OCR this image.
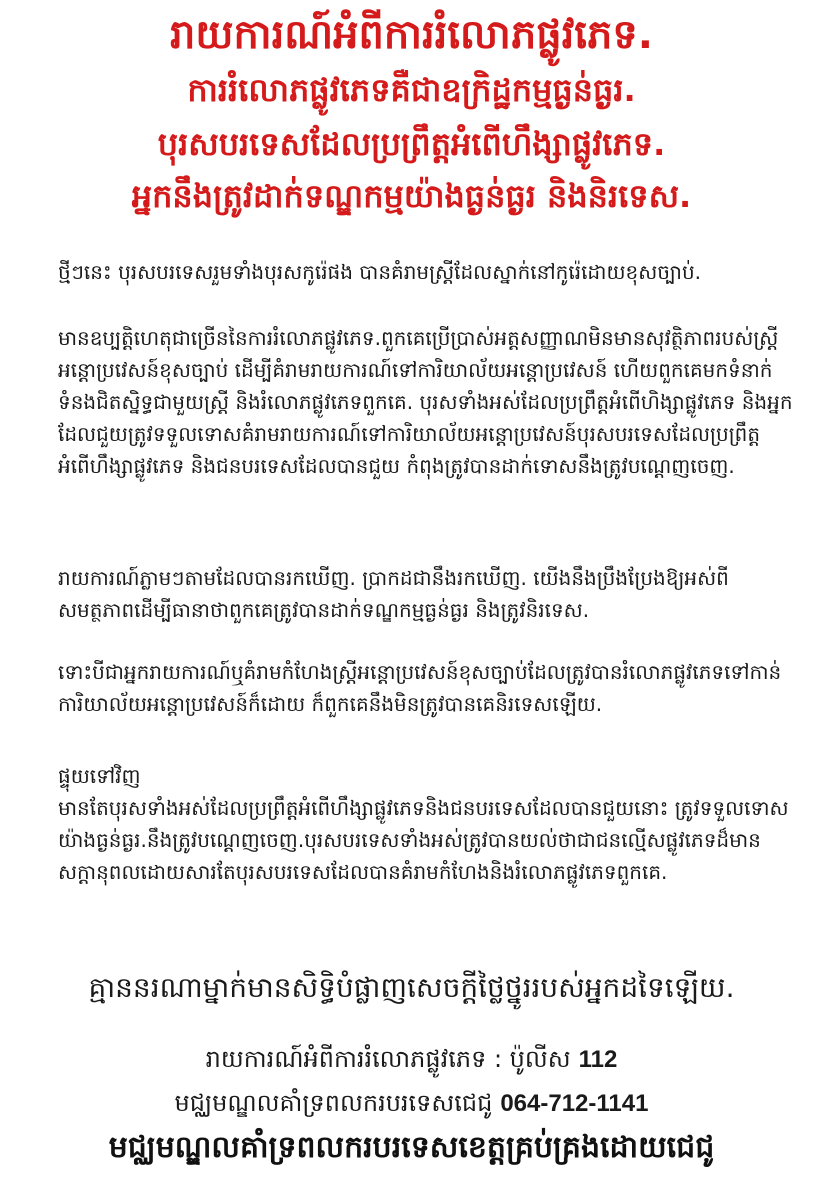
រាយការណ៍អំពីការរំលោភផ្លូវភេទ.
ការរំលោភផ្លូវភេទគឺជាឧក្រិដ្ឋកម្មធ្ងន់ធ្ងរ.
បុរសបរទេសដែលប្រព្រឹត្តអំពើហឹង្សាផ្លូវភេទ.
អ្នកនឹងត្រូវដាក់ទណ្ឌកម្មយ៉ាងធ្ងន់ធ្ងរ និងនិរទេស.

ថ្មីៗនេះ បុរសបរទេសរួមទាំងបុរសកូរ៉េផង បានគំរាមស្ត្រីដែលស្នាក់នៅកូរ៉េដោយខុសច្បាប់.

មានឧប្បត្តិហេតុជាច្រើននៃការរំលោភផ្លូវភេទ.ពួកគេប្រើប្រាស់អត្តសញ្ញាណមិនមានសុវត្ថិភាពរបស់ស្ត្រីអន្តោប្រវេសន៍ខុសច្បាប់ ដើម្បីគំរាមរាយការណ៍ទៅការិយាល័យអន្តោប្រវេសន៍ ហើយពួកគេមកទំនាក់ទំនងជិតស្និទ្ធជាមួយស្ត្រី និងរំលោភផ្លូវភេទពួកគេ. បុរសទាំងអស់ដែលប្រព្រឹត្តអំពើហិង្សាផ្លូវភេទ និងអ្នកដែលជួយត្រូវទទួលទោសគំរាមរាយការណ៍ទៅការិយាល័យអន្តោប្រវេសន៍បុរសបរទេសដែលប្រព្រឹត្តអំពើហឹង្សាផ្លូវភេទ និងជនបរទេសដែលបានជួយ កំពុងត្រូវបានដាក់ទោសនឹងត្រូវបណ្តេញចេញ.

រាយការណ៍ភ្លាមៗតាមដែលបានរកឃើញ. ប្រាកដជានឹងរកឃើញ. យើងនឹងប្រឹងប្រែងឱ្យអស់ពីសមត្ថភាពដើម្បីធានាថាពួកគេត្រូវបានដាក់ទណ្ឌកម្មធ្ងន់ធ្ងរ និងត្រូវនិរទេស.

ទោះបីជាអ្នករាយការណ៍ឬគំរាមកំហែងស្ត្រីអន្តោប្រវេសន៍ខុសច្បាប់ដែលត្រូវបានរំលោភផ្លូវភេទទៅកាន់ការិយាល័យអន្តោប្រវេសន៍ក៏ដោយ ក៏ពួកគេនឹងមិនត្រូវបានគេនិរទេសឡើយ.

ផ្ទុយទៅវិញ

មានតែបុរសទាំងអស់ដែលប្រព្រឹត្តអំពើហឹង្សាផ្លូវភេទនិងជនបរទេសដែលបានជួយនោះ ត្រូវទទួលទោសយ៉ាងធ្ងន់ធ្ងរ.នឹងត្រូវបណ្តេញចេញ.បុរសបរទេសទាំងអស់ត្រូវបានយល់ថាជាជនល្មើសផ្លូវភេទដ៏មានសក្តានុពលដោយសារតែបុរសបរទេសដែលបានគំរាមកំហែងនិងរំលោភផ្លូវភេទពួកគេ.

គ្មាននរណាម្នាក់មានសិទ្ធិបំផ្លាញសេចក្តីថ្លៃថ្នូររបស់អ្នកដទៃឡើយ.
រាយការណ៍អំពីការរំលោភផ្លូវភេទ : ប៉ូលីស 112
មជ្ឈមណ្ឌលគាំទ្រពលករបរទេសជេជូ 064-712-1141
មជ្ឈមណ្ឌលគាំទ្រពលករបរទេសខេត្តគ្រប់គ្រងដោយជេជូ
